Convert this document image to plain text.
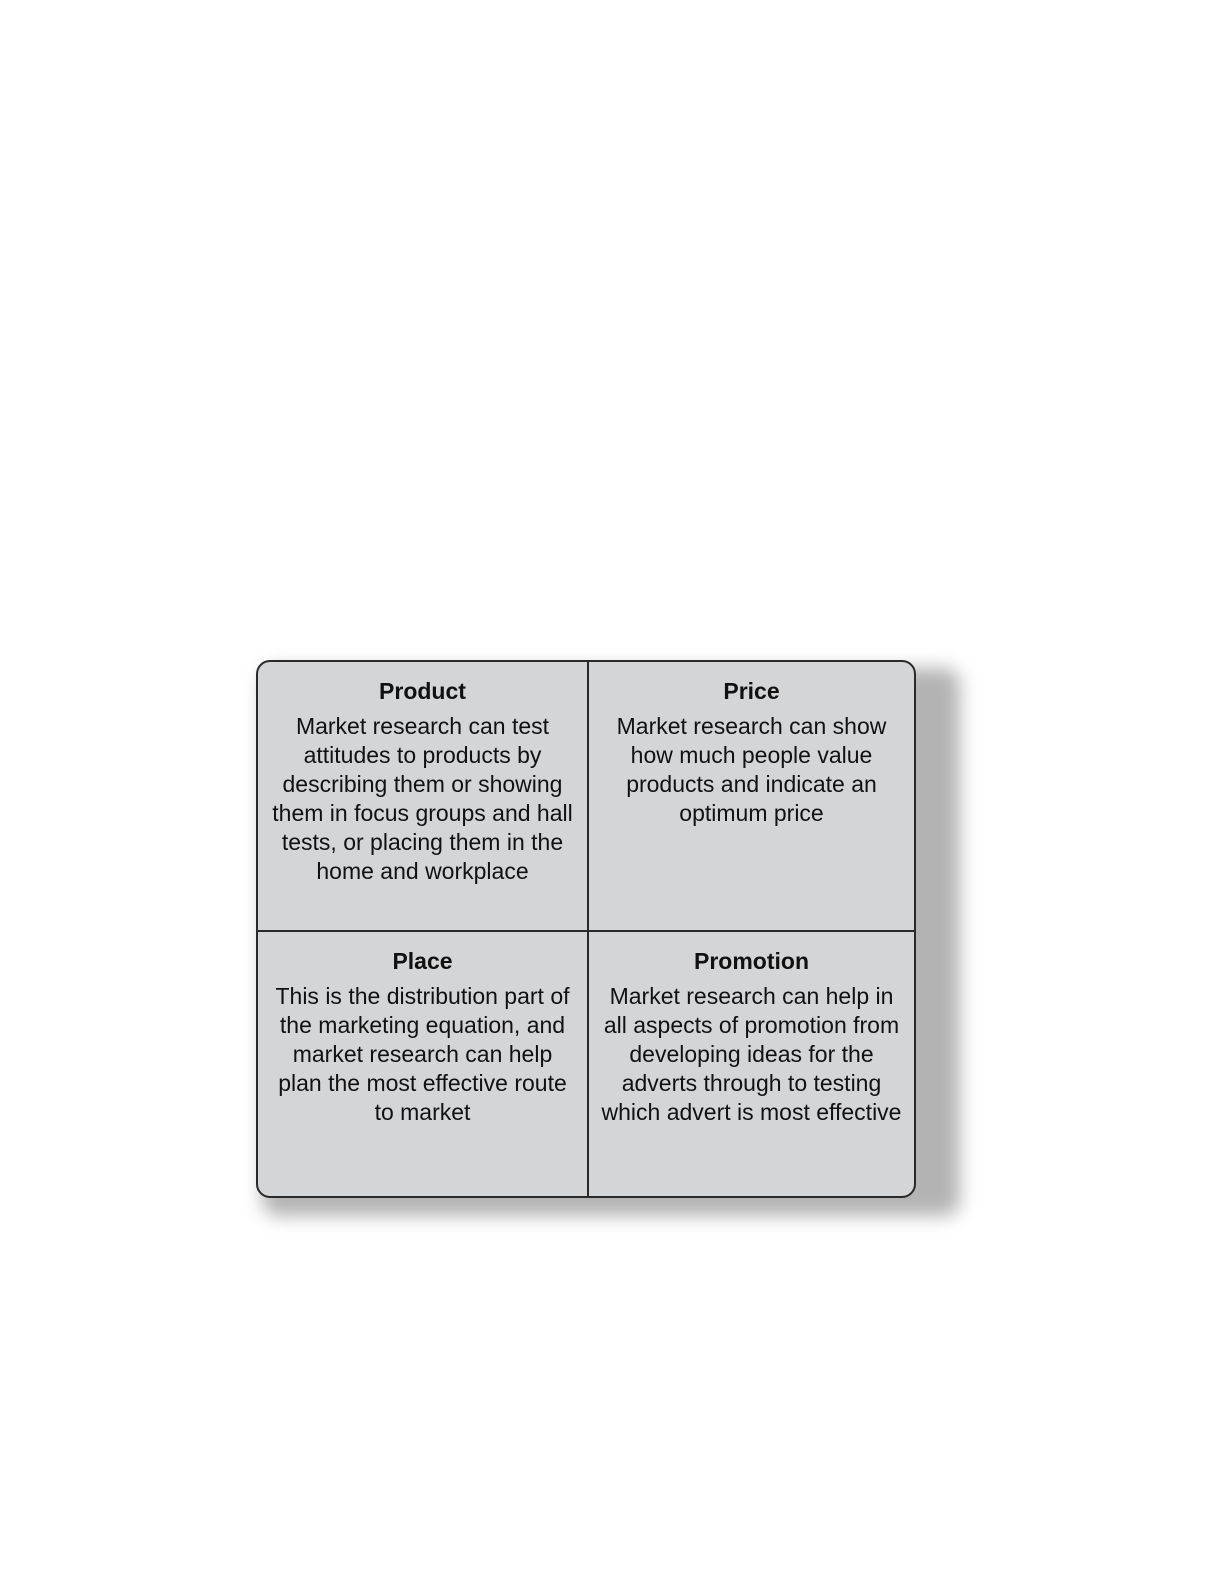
Product

Market research can test attitudes to products by describing them or showing them in focus groups and hall tests, or placing them in the home and workplace

Price

Market research can show how much people value products and indicate an optimum price

Place

This is the distribution part of the marketing equation, and market research can help plan the most effective route to market

Promotion

Market research can help in all aspects of promotion from developing ideas for the adverts through to testing which advert is most effective
